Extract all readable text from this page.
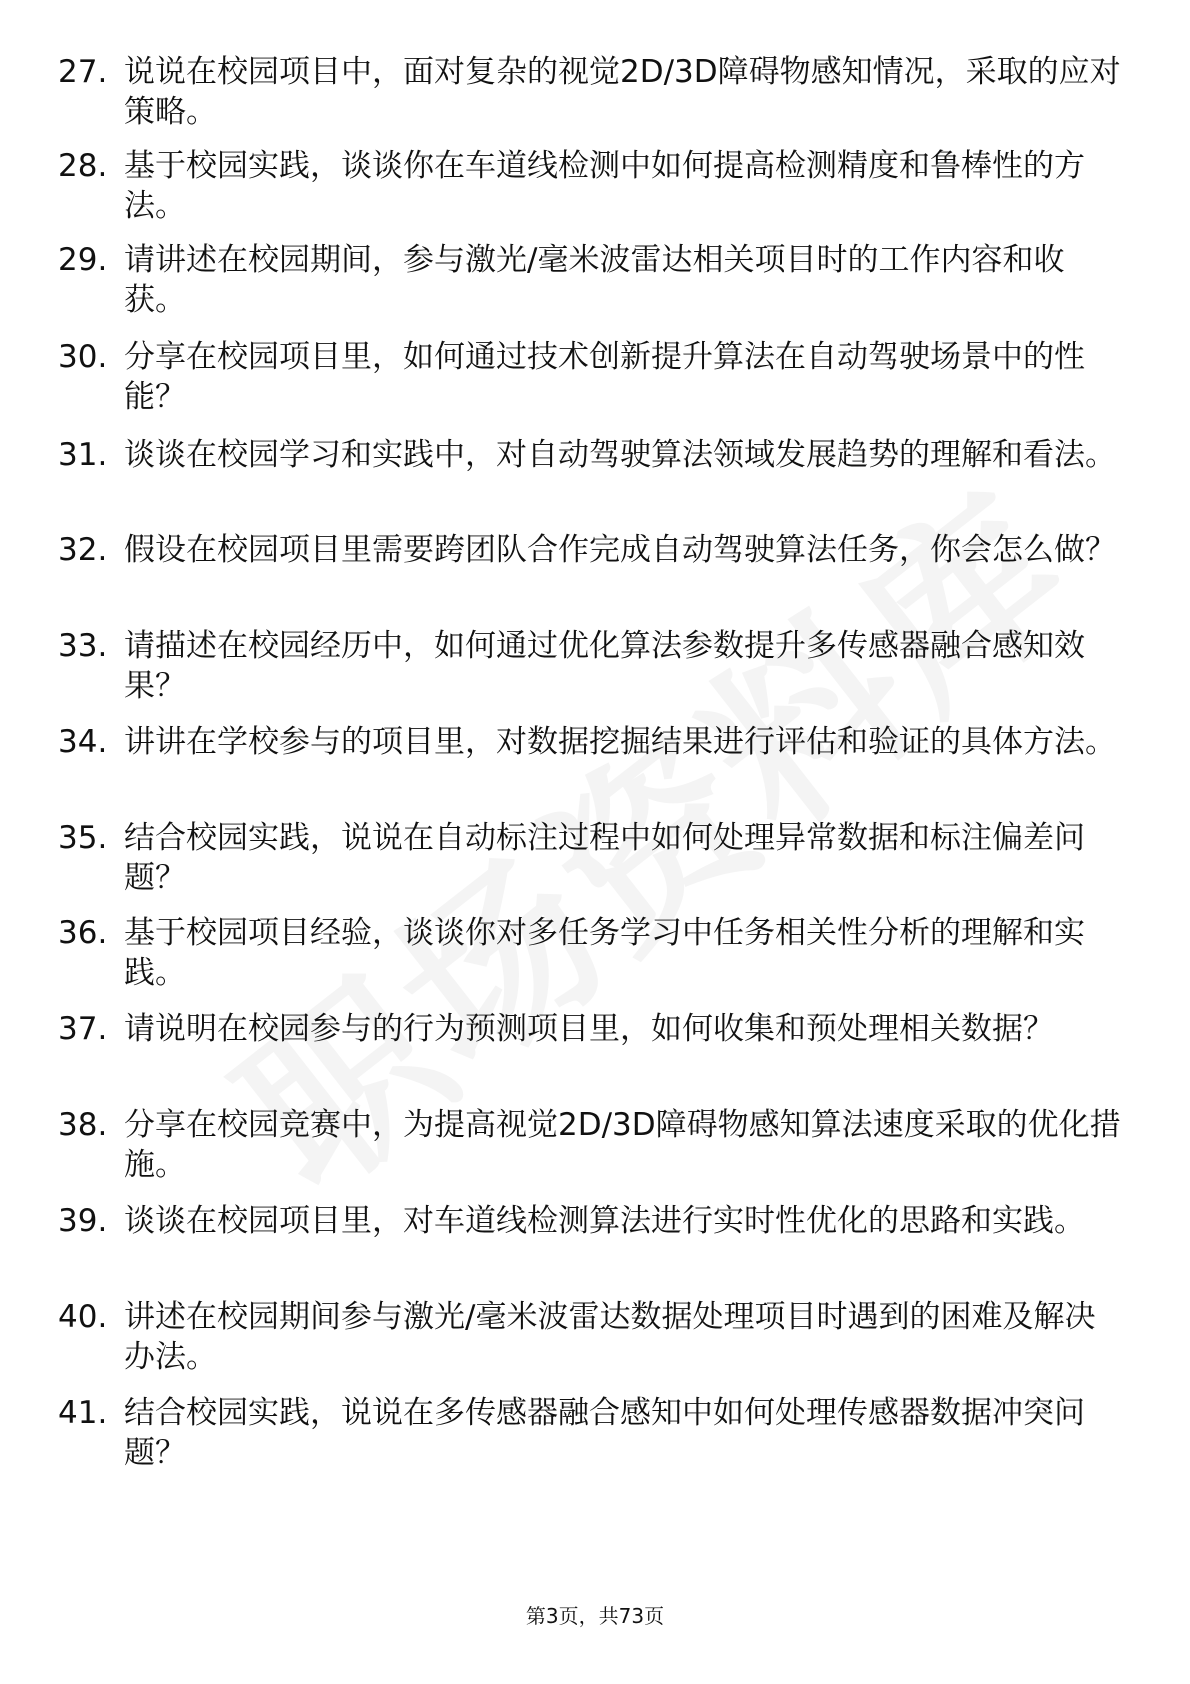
27. 说说在校园项目中，面对复杂的视觉2D/3D障碍物感知情况，采取的应对策略。
28. 基于校园实践，谈谈你在车道线检测中如何提高检测精度和鲁棒性的方法。
29. 请讲述在校园期间，参与激光/毫米波雷达相关项目时的工作内容和收获。
30. 分享在校园项目里，如何通过技术创新提升算法在自动驾驶场景中的性能？
31. 谈谈在校园学习和实践中，对自动驾驶算法领域发展趋势的理解和看法。
32. 假设在校园项目里需要跨团队合作完成自动驾驶算法任务，你会怎么做？
33. 请描述在校园经历中，如何通过优化算法参数提升多传感器融合感知效果？
34. 讲讲在学校参与的项目里，对数据挖掘结果进行评估和验证的具体方法。
35. 结合校园实践，说说在自动标注过程中如何处理异常数据和标注偏差问题？
36. 基于校园项目经验，谈谈你对多任务学习中任务相关性分析的理解和实践。
37. 请说明在校园参与的行为预测项目里，如何收集和预处理相关数据？
38. 分享在校园竞赛中，为提高视觉2D/3D障碍物感知算法速度采取的优化措施。
39. 谈谈在校园项目里，对车道线检测算法进行实时性优化的思路和实践。
40. 讲述在校园期间参与激光/毫米波雷达数据处理项目时遇到的困难及解决办法。
41. 结合校园实践，说说在多传感器融合感知中如何处理传感器数据冲突问题？
第3页，共73页
